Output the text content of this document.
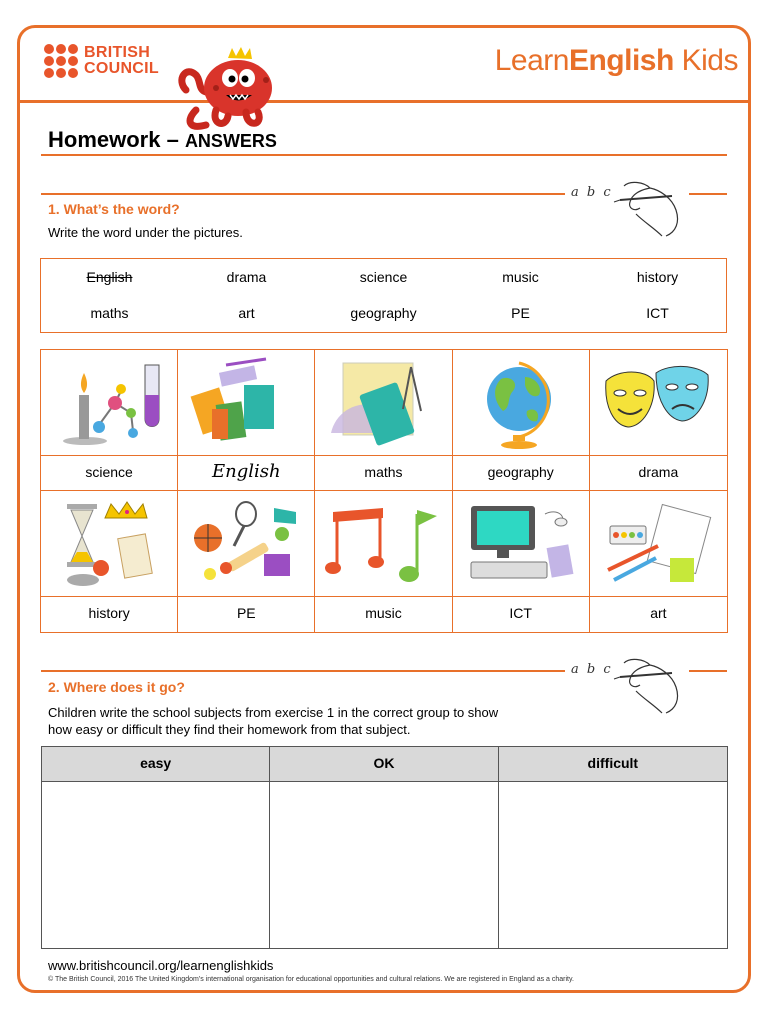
BRITISH
COUNCIL	LearnEnglish Kids
Homework – ANSWERS
a b c
1. What’s the word?
Write the word under the pictures.
English	drama	science	music	history
maths	art	geography	PE	ICT
science	English	maths	geography	drama
history	PE	music	ICT	art
a b c
2. Where does it go?
Children write the school subjects from exercise 1 in the correct group to show
how easy or difficult they find their homework from that subject.
easy	OK	difficult
www.britishcouncil.org/learnenglishkids
© The British Council, 2016 The United Kingdom’s international organisation for educational opportunities and cultural relations. We are registered in England as a charity.
